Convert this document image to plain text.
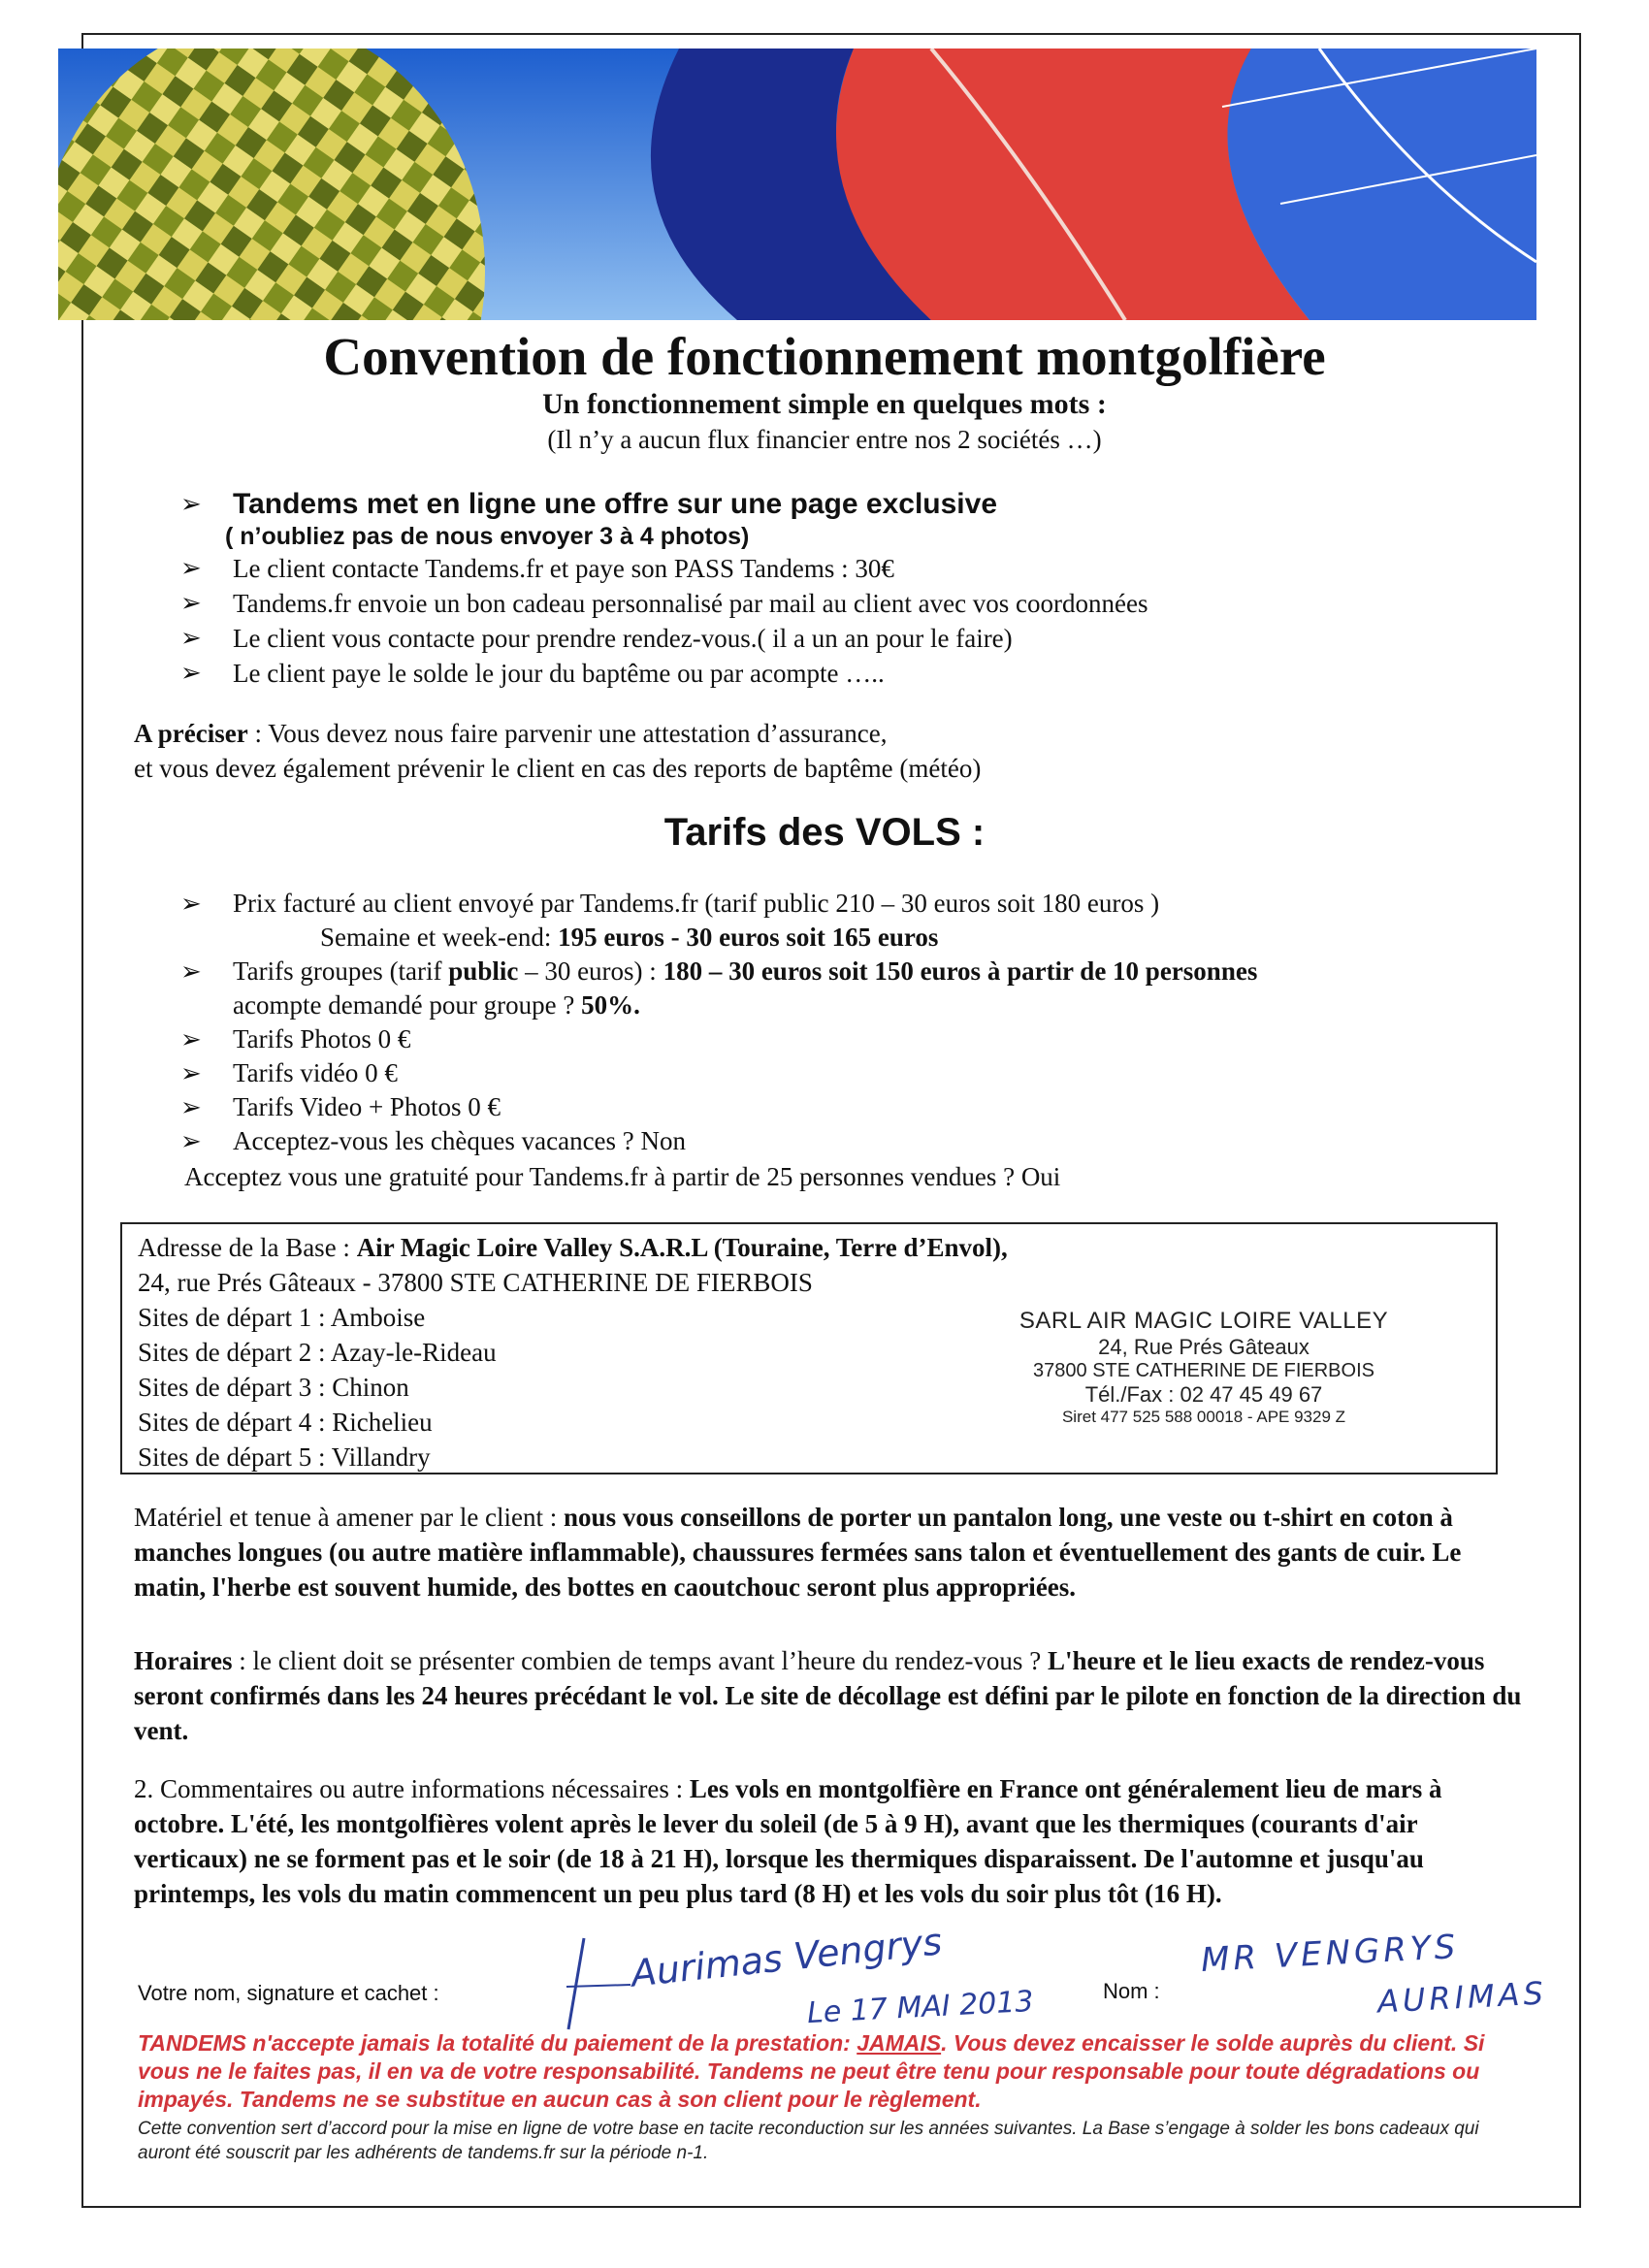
Convention de fonctionnement montgolfière
Un fonctionnement simple en quelques mots :
(Il n’y a aucun flux financier entre nos 2 sociétés …)
➢	Tandems met en ligne une offre sur une page exclusive
( n’oubliez pas de nous envoyer 3 à 4 photos)
➢	Le client contacte Tandems.fr et paye son PASS Tandems : 30€
➢	Tandems.fr envoie un bon cadeau personnalisé par mail au client avec vos coordonnées
➢	Le client vous contacte pour prendre rendez-vous.( il a un an pour le faire)
➢	Le client paye le solde le jour du baptême ou par acompte …..
A préciser : Vous devez nous faire parvenir une attestation d’assurance,
et vous devez également prévenir le client en cas des reports de baptême (météo)
Tarifs des VOLS :
➢	Prix facturé au client envoyé par Tandems.fr (tarif public 210 – 30 euros soit 180 euros )
Semaine et week-end: 195 euros - 30 euros soit 165 euros
➢	Tarifs groupes (tarif public – 30 euros) : 180 – 30 euros soit 150 euros à partir de 10 personnes
acompte demandé pour groupe ? 50%.
➢	Tarifs Photos 0 €
➢	Tarifs vidéo 0 €
➢	Tarifs Video + Photos 0 €
➢	Acceptez-vous les chèques vacances ? Non
Acceptez vous une gratuité pour Tandems.fr à partir de 25 personnes vendues ? Oui
Adresse de la Base : Air Magic Loire Valley S.A.R.L (Touraine, Terre d’Envol),
24, rue Prés Gâteaux - 37800 STE CATHERINE DE FIERBOIS
Sites de départ 1 : Amboise
Sites de départ 2 : Azay-le-Rideau
Sites de départ 3 : Chinon
Sites de départ 4 : Richelieu
Sites de départ 5 : Villandry
SARL AIR MAGIC LOIRE VALLEY
24, Rue Prés Gâteaux
37800 STE CATHERINE DE FIERBOIS
Tél./Fax : 02 47 45 49 67
Siret 477 525 588 00018 - APE 9329 Z
Matériel et tenue à amener par le client : nous vous conseillons de porter un pantalon long, une veste ou t-shirt en coton à manches longues (ou autre matière inflammable), chaussures fermées sans talon et éventuellement des gants de cuir. Le matin, l'herbe est souvent humide, des bottes en caoutchouc seront plus appropriées.
Horaires : le client doit se présenter combien de temps avant l’heure du rendez-vous ? L'heure et le lieu exacts de rendez-vous seront confirmés dans les 24 heures précédant le vol. Le site de décollage est défini par le pilote en fonction de la direction du vent.
2. Commentaires ou autre informations nécessaires : Les vols en montgolfière en France ont généralement lieu de mars à octobre. L'été, les montgolfières volent après le lever du soleil (de 5 à 9 H), avant que les thermiques (courants d'air verticaux) ne se forment pas et le soir (de 18 à 21 H), lorsque les thermiques disparaissent. De l'automne et jusqu'au printemps, les vols du matin commencent un peu plus tard (8 H) et les vols du soir plus tôt (16 H).
Votre nom, signature et cachet :	Aurimas Vengrys
Le 17 MAI 2013	Nom :
MR VENGRYS
AURIMAS
TANDEMS n'accepte jamais la totalité du paiement de la prestation: JAMAIS. Vous devez encaisser le solde auprès du client. Si vous ne le faites pas, il en va de votre responsabilité. Tandems ne peut être tenu pour responsable pour toute dégradations ou impayés. Tandems ne se substitue en aucun cas à son client pour le règlement.
Cette convention sert d’accord pour la mise en ligne de votre base en tacite reconduction sur les années suivantes. La Base s’engage à solder les bons cadeaux qui auront été souscrit par les adhérents de tandems.fr sur la période n-1.
